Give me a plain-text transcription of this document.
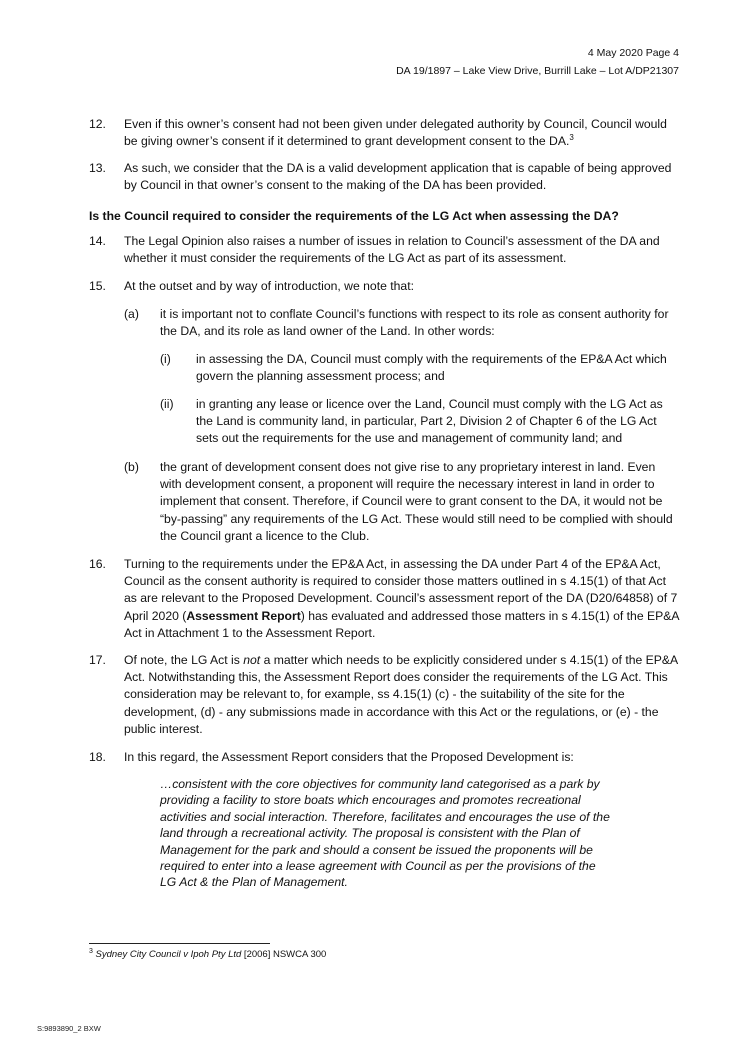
4 May 2020 Page 4
DA 19/1897 – Lake View Drive, Burrill Lake – Lot A/DP21307
12. Even if this owner’s consent had not been given under delegated authority by Council, Council would be giving owner’s consent if it determined to grant development consent to the DA.$^3$
13. As such, we consider that the DA is a valid development application that is capable of being approved by Council in that owner’s consent to the making of the DA has been provided.
Is the Council required to consider the requirements of the LG Act when assessing the DA?
14. The Legal Opinion also raises a number of issues in relation to Council’s assessment of the DA and whether it must consider the requirements of the LG Act as part of its assessment.
15. At the outset and by way of introduction, we note that:
(a) it is important not to conflate Council’s functions with respect to its role as consent authority for the DA, and its role as land owner of the Land. In other words:
(i) in assessing the DA, Council must comply with the requirements of the EP&A Act which govern the planning assessment process; and
(ii) in granting any lease or licence over the Land, Council must comply with the LG Act as the Land is community land, in particular, Part 2, Division 2 of Chapter 6 of the LG Act sets out the requirements for the use and management of community land; and
(b) the grant of development consent does not give rise to any proprietary interest in land. Even with development consent, a proponent will require the necessary interest in land in order to implement that consent. Therefore, if Council were to grant consent to the DA, it would not be “by-passing” any requirements of the LG Act. These would still need to be complied with should the Council grant a licence to the Club.
16. Turning to the requirements under the EP&A Act, in assessing the DA under Part 4 of the EP&A Act, Council as the consent authority is required to consider those matters outlined in s 4.15(1) of that Act as are relevant to the Proposed Development. Council’s assessment report of the DA (D20/64858) of 7 April 2020 (Assessment Report) has evaluated and addressed those matters in s 4.15(1) of the EP&A Act in Attachment 1 to the Assessment Report.
17. Of note, the LG Act is not a matter which needs to be explicitly considered under s 4.15(1) of the EP&A Act. Notwithstanding this, the Assessment Report does consider the requirements of the LG Act. This consideration may be relevant to, for example, ss 4.15(1) (c) - the suitability of the site for the development, (d) - any submissions made in accordance with this Act or the regulations, or (e) - the public interest.
18. In this regard, the Assessment Report considers that the Proposed Development is:
…consistent with the core objectives for community land categorised as a park by providing a facility to store boats which encourages and promotes recreational activities and social interaction. Therefore, facilitates and encourages the use of the land through a recreational activity. The proposal is consistent with the Plan of Management for the park and should a consent be issued the proponents will be required to enter into a lease agreement with Council as per the provisions of the LG Act & the Plan of Management.
$^3$ Sydney City Council v Ipoh Pty Ltd [2006] NSWCA 300
S:9893890_2 BXW
